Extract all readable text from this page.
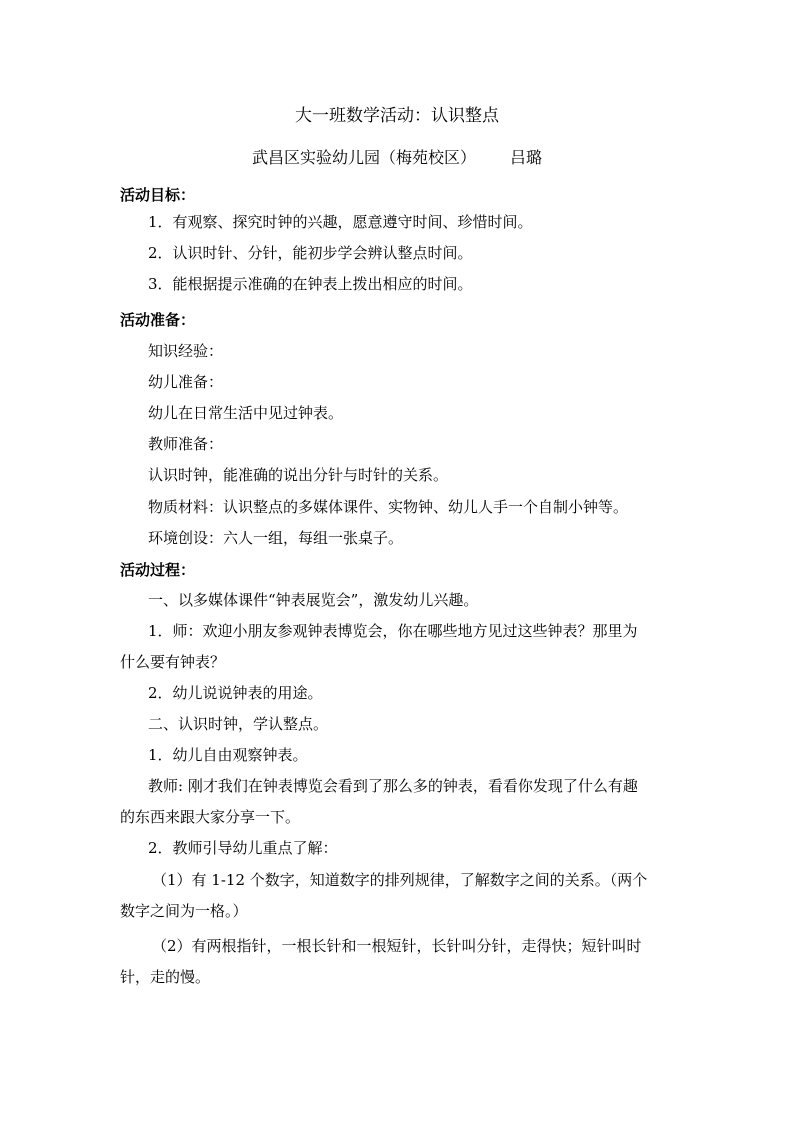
大一班数学活动：认识整点
武昌区实验幼儿园（梅苑校区） 吕璐
活动目标：
1．有观察、探究时钟的兴趣，愿意遵守时间、珍惜时间。
2．认识时针、分针，能初步学会辨认整点时间。
3．能根据提示准确的在钟表上拨出相应的时间。
活动准备：
知识经验：
幼儿准备：
幼儿在日常生活中见过钟表。
教师准备：
认识时钟，能准确的说出分针与时针的关系。
物质材料：认识整点的多媒体课件、实物钟、幼儿人手一个自制小钟等。
环境创设：六人一组，每组一张桌子。
活动过程：
一、以多媒体课件“钟表展览会”，激发幼儿兴趣。
1．师：欢迎小朋友参观钟表博览会，你在哪些地方见过这些钟表？那里为
什么要有钟表？
2．幼儿说说钟表的用途。
二、认识时钟，学认整点。
1．幼儿自由观察钟表。
教师: 刚才我们在钟表博览会看到了那么多的钟表，看看你发现了什么有趣
的东西来跟大家分享一下。
2．教师引导幼儿重点了解：
（1）有 1-12 个数字，知道数字的排列规律，了解数字之间的关系。（两个
数字之间为一格。）
（2）有两根指针，一根长针和一根短针，长针叫分针，走得快；短针叫时
针，走的慢。
